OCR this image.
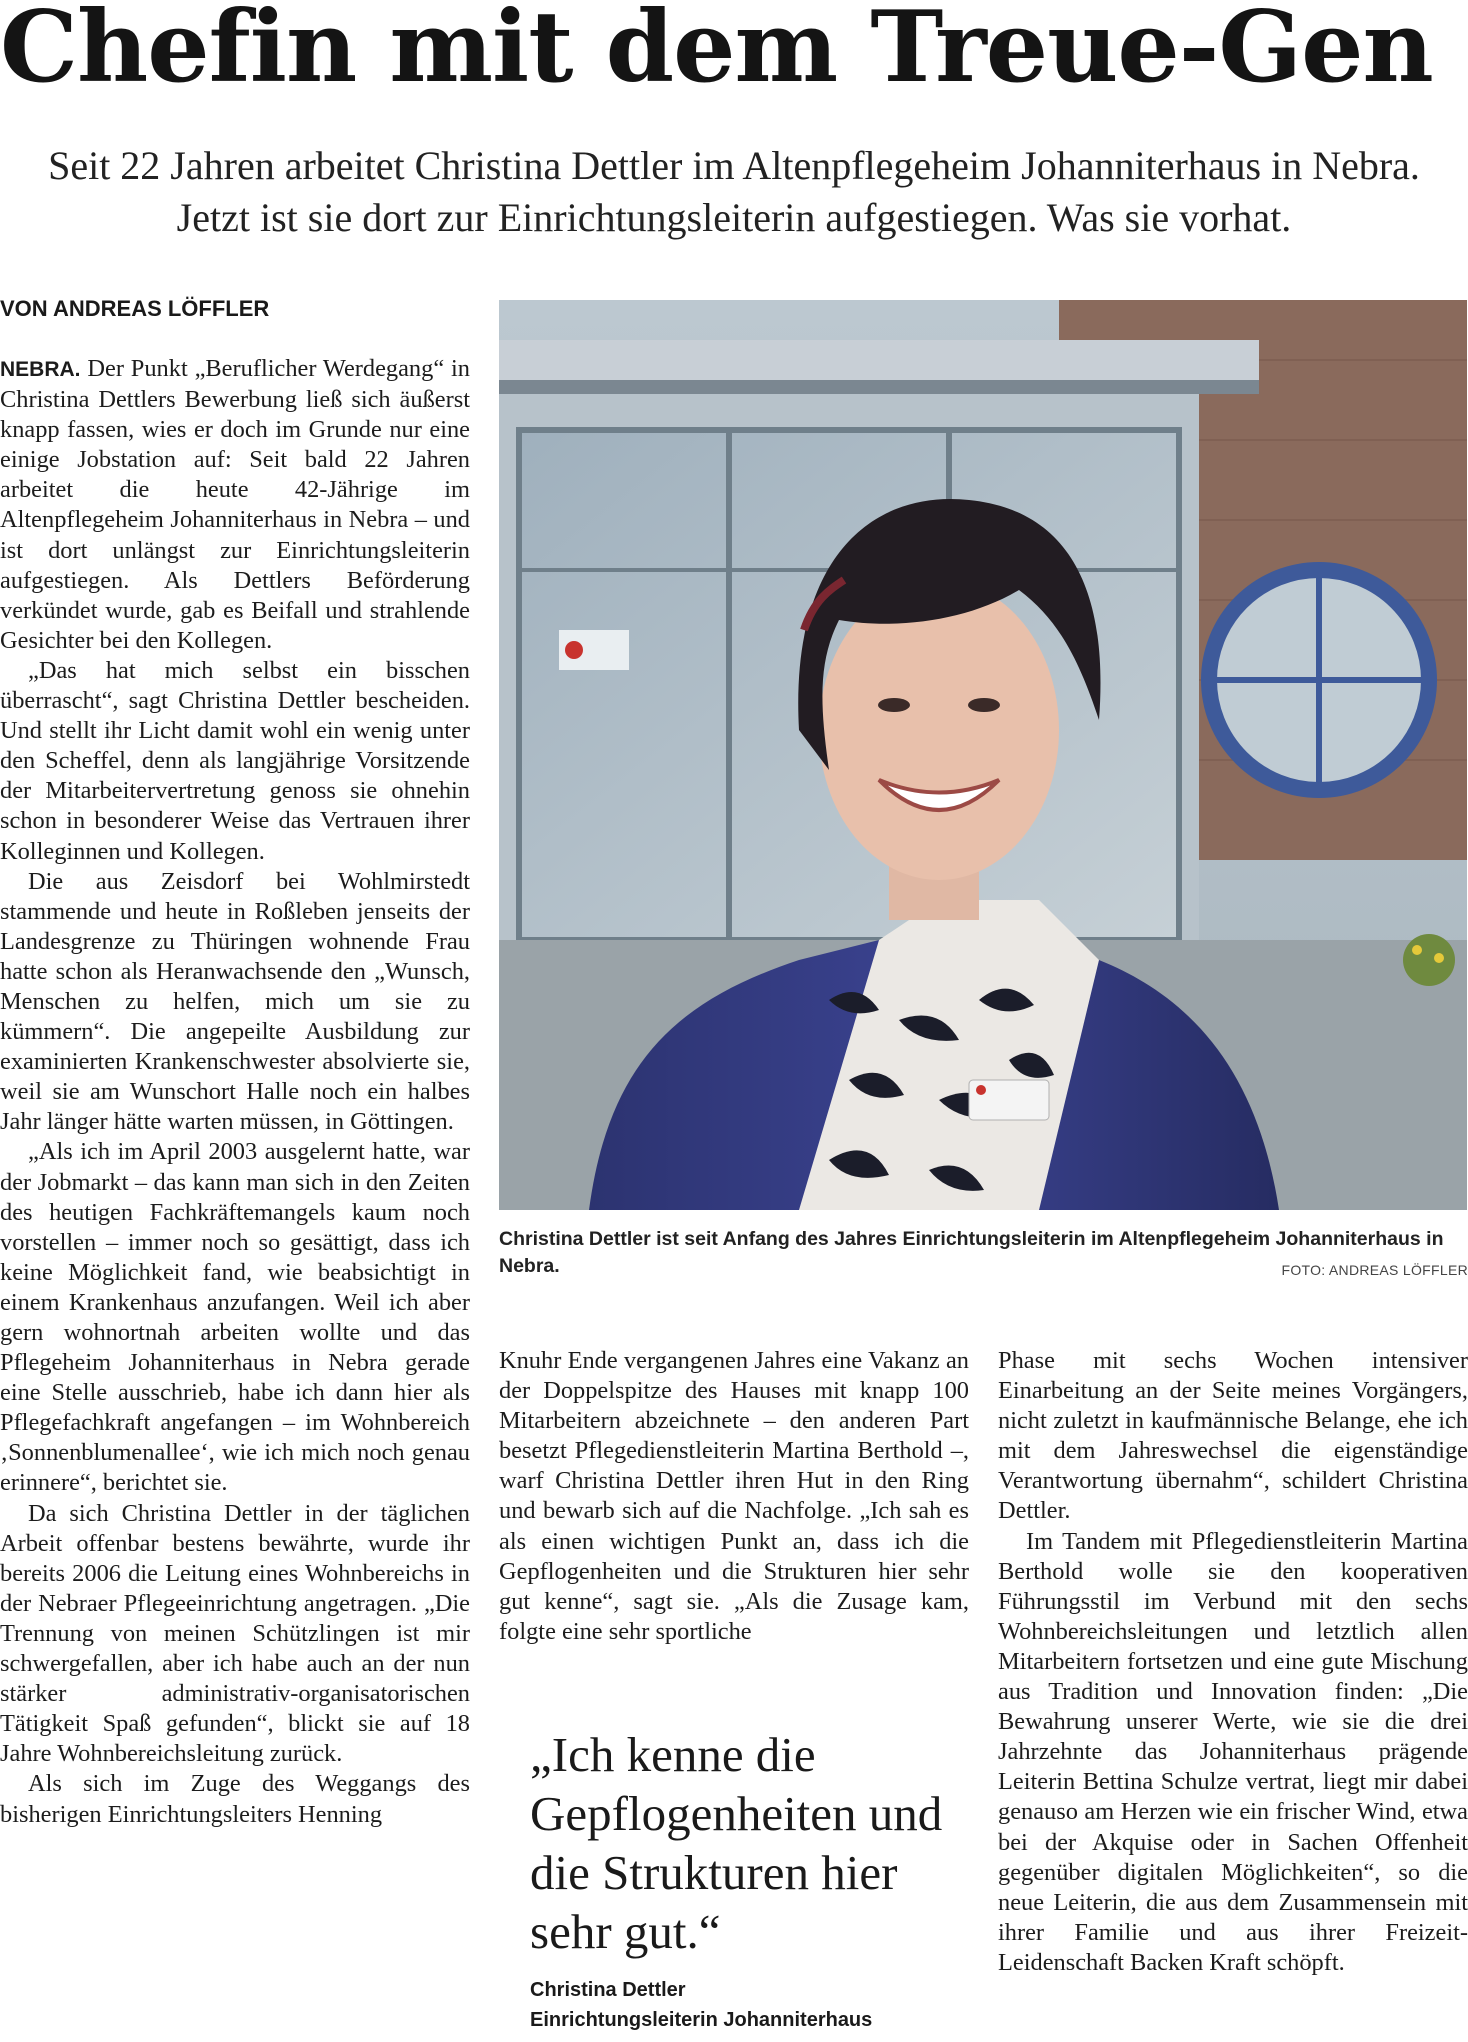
Chefin mit dem Treue-Gen

Seit 22 Jahren arbeitet Christina Dettler im Altenpflegeheim Johanniterhaus in Nebra. Jetzt ist sie dort zur Einrichtungsleiterin aufgestiegen. Was sie vorhat.

VON ANDREAS LÖFFLER

NEBRA. Der Punkt „Beruflicher Werdegang“ in Christina Dettlers Bewerbung ließ sich äußerst knapp fassen, wies er doch im Grunde nur eine einige Jobstation auf: Seit bald 22 Jahren arbeitet die heute 42-Jährige im Altenpflegeheim Johanniterhaus in Nebra – und ist dort unlängst zur Einrichtungsleiterin aufgestiegen. Als Dettlers Beförderung verkündet wurde, gab es Beifall und strahlende Gesichter bei den Kollegen.

„Das hat mich selbst ein bisschen überrascht“, sagt Christina Dettler bescheiden. Und stellt ihr Licht damit wohl ein wenig unter den Scheffel, denn als langjährige Vorsitzende der Mitarbeitervertretung genoss sie ohnehin schon in besonderer Weise das Vertrauen ihrer Kolleginnen und Kollegen.

Die aus Zeisdorf bei Wohlmirstedt stammende und heute in Roßleben jenseits der Landesgrenze zu Thüringen wohnende Frau hatte schon als Heranwachsende den „Wunsch, Menschen zu helfen, mich um sie zu kümmern“. Die angepeilte Ausbildung zur examinierten Krankenschwester absolvierte sie, weil sie am Wunschort Halle noch ein halbes Jahr länger hätte warten müssen, in Göttingen.

„Als ich im April 2003 ausgelernt hatte, war der Jobmarkt – das kann man sich in den Zeiten des heutigen Fachkräftemangels kaum noch vorstellen – immer noch so gesättigt, dass ich keine Möglichkeit fand, wie beabsichtigt in einem Krankenhaus anzufangen. Weil ich aber gern wohnortnah arbeiten wollte und das Pflegeheim Johanniterhaus in Nebra gerade eine Stelle ausschrieb, habe ich dann hier als Pflegefachkraft angefangen – im Wohnbereich ‚Sonnenblumenallee‘, wie ich mich noch genau erinnere“, berichtet sie.

Da sich Christina Dettler in der täglichen Arbeit offenbar bestens bewährte, wurde ihr bereits 2006 die Leitung eines Wohnbereichs in der Nebraer Pflegeeinrichtung angetragen. „Die Trennung von meinen Schützlingen ist mir schwergefallen, aber ich habe auch an der nun stärker administrativ-organisatorischen Tätigkeit Spaß gefunden“, blickt sie auf 18 Jahre Wohnbereichsleitung zurück.

Als sich im Zuge des Weggangs des bisherigen Einrichtungsleiters Henning

Christina Dettler ist seit Anfang des Jahres Einrichtungsleiterin im Altenpflegeheim Johanniterhaus in Nebra.	FOTO: ANDREAS LÖFFLER

Knuhr Ende vergangenen Jahres eine Vakanz an der Doppelspitze des Hauses mit knapp 100 Mitarbeitern abzeichnete – den anderen Part besetzt Pflegedienstleiterin Martina Berthold –, warf Christina Dettler ihren Hut in den Ring und bewarb sich auf die Nachfolge. „Ich sah es als einen wichtigen Punkt an, dass ich die Gepflogenheiten und die Strukturen hier sehr gut kenne“, sagt sie. „Als die Zusage kam, folgte eine sehr sportliche

„Ich kenne die Gepflogenheiten und die Strukturen hier sehr gut.“

Christina Dettler

Einrichtungsleiterin Johanniterhaus

Phase mit sechs Wochen intensiver Einarbeitung an der Seite meines Vorgängers, nicht zuletzt in kaufmännische Belange, ehe ich mit dem Jahreswechsel die eigenständige Verantwortung übernahm“, schildert Christina Dettler.

Im Tandem mit Pflegedienstleiterin Martina Berthold wolle sie den kooperativen Führungsstil im Verbund mit den sechs Wohnbereichsleitungen und letztlich allen Mitarbeitern fortsetzen und eine gute Mischung aus Tradition und Innovation finden: „Die Bewahrung unserer Werte, wie sie die drei Jahrzehnte das Johanniterhaus prägende Leiterin Bettina Schulze vertrat, liegt mir dabei genauso am Herzen wie ein frischer Wind, etwa bei der Akquise oder in Sachen Offenheit gegenüber digitalen Möglichkeiten“, so die neue Leiterin, die aus dem Zusammensein mit ihrer Familie und aus ihrer Freizeit-Leidenschaft Backen Kraft schöpft.
